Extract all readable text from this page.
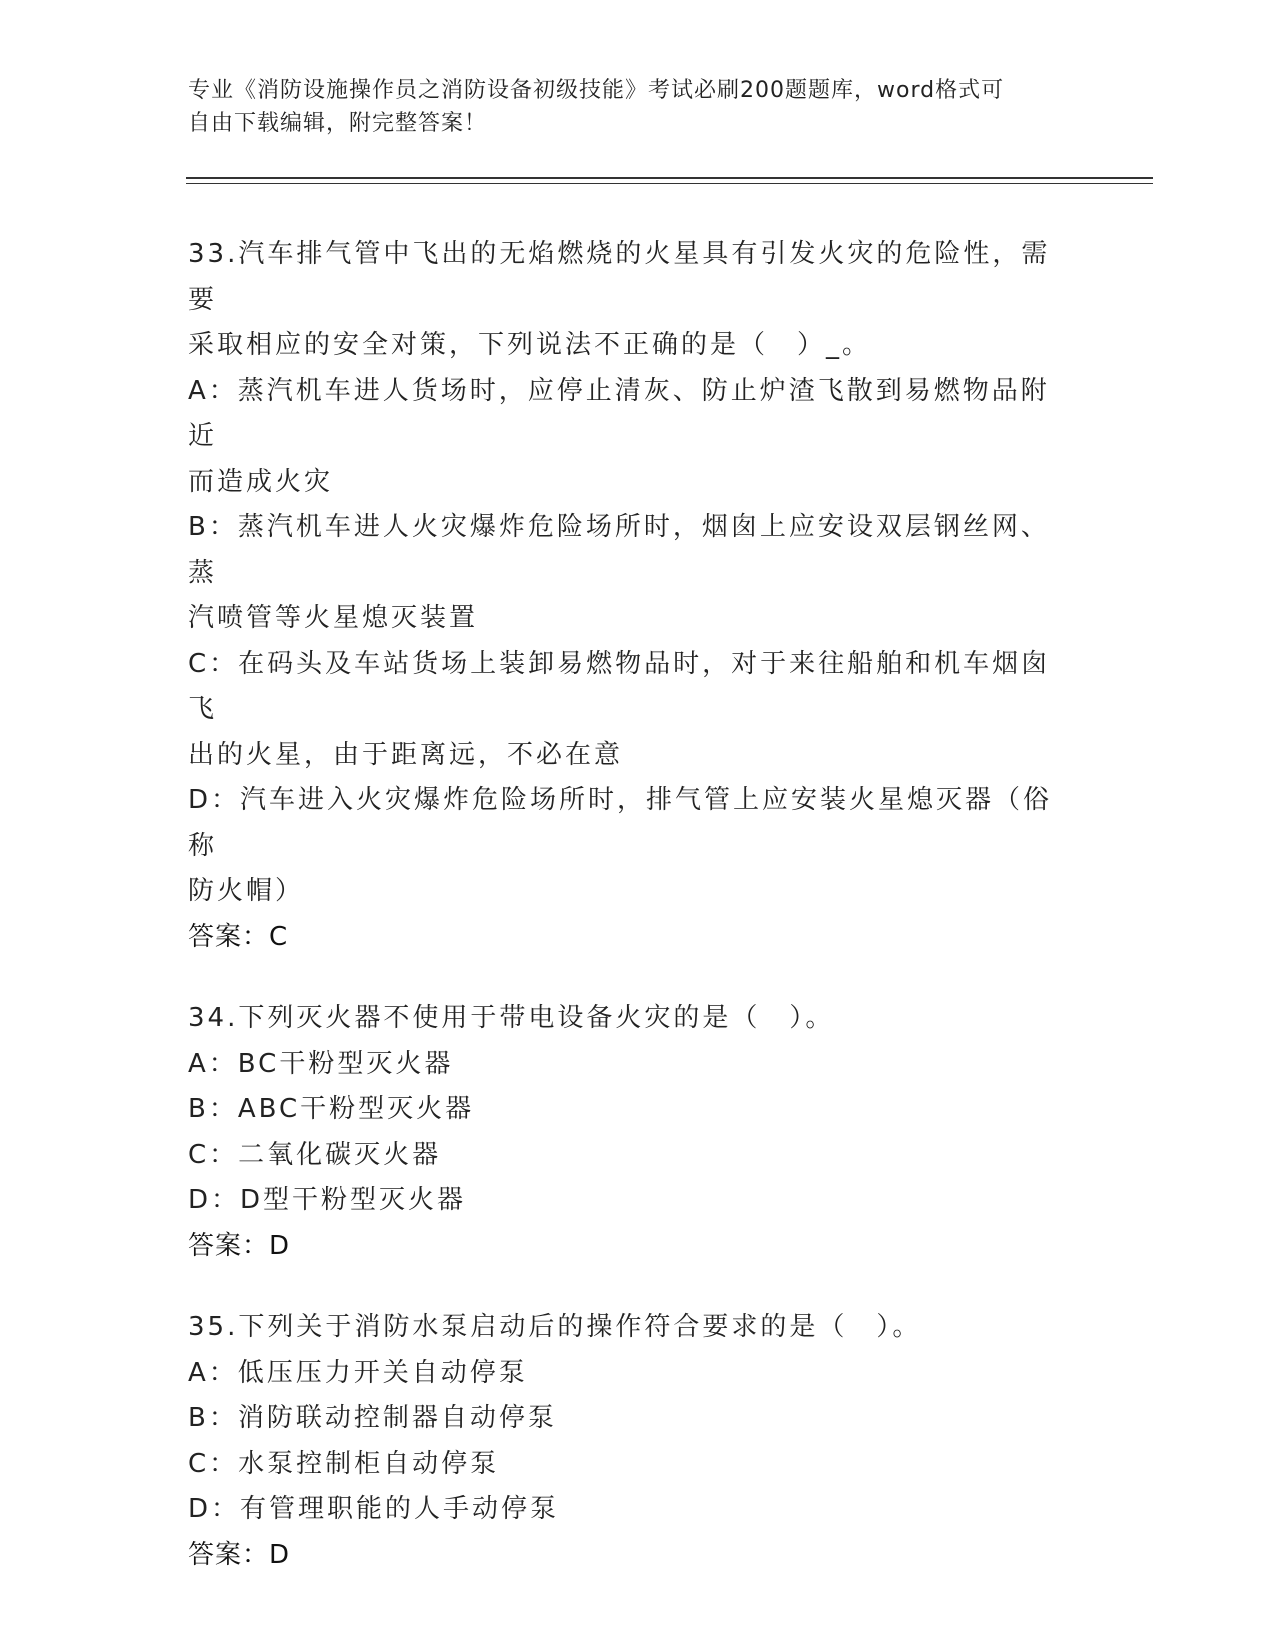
专业《消防设施操作员之消防设备初级技能》考试必刷200题题库，word格式可
自由下载编辑，附完整答案！
33.汽车排气管中飞出的无焰燃烧的火星具有引发火灾的危险性，需要
采取相应的安全对策，下列说法不正确的是（　）_。
A：蒸汽机车进人货场时，应停止清灰、防止炉渣飞散到易燃物品附近
而造成火灾
B：蒸汽机车进人火灾爆炸危险场所时，烟囱上应安设双层钢丝网、蒸
汽喷管等火星熄灭装置
C：在码头及车站货场上装卸易燃物品时，对于来往船舶和机车烟囱飞
出的火星，由于距离远，不必在意
D：汽车进入火灾爆炸危险场所时，排气管上应安装火星熄灭器（俗称
防火帽）
答案：C
34.下列灭火器不使用于带电设备火灾的是（　）。
A：BC干粉型灭火器
B：ABC干粉型灭火器
C：二氧化碳灭火器
D：D型干粉型灭火器
答案：D
35.下列关于消防水泵启动后的操作符合要求的是（　）。
A：低压压力开关自动停泵
B：消防联动控制器自动停泵
C：水泵控制柜自动停泵
D：有管理职能的人手动停泵
答案：D
